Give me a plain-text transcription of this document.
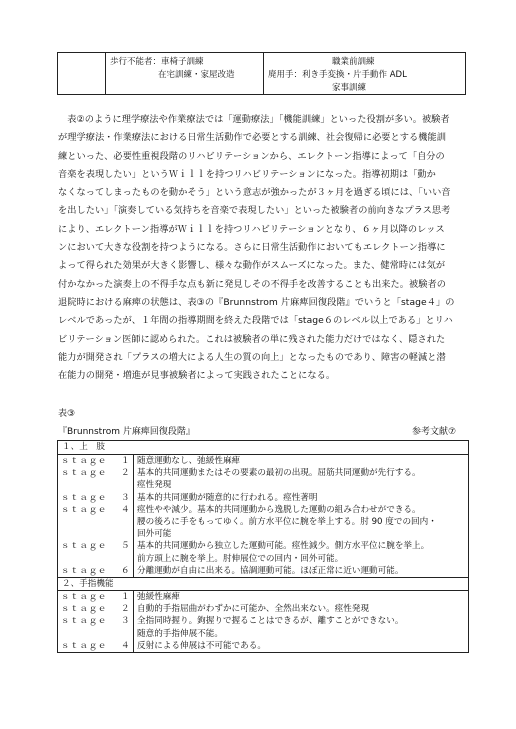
歩行不能者：車椅子訓練
在宅訓練・家屋改造
職業前訓練
廃用手：利き手変換・片手動作 ADL
家事訓練
　表②のように理学療法や作業療法では「運動療法」「機能訓練」といった役割が多い。被験者
が理学療法・作業療法における日常生活動作で必要とする訓練、社会復帰に必要とする機能訓
練といった、必要性重視段階のリハビリテーションから、エレクトーン指導によって「自分の
音楽を表現したい」というＷｉｌｌを持つリハビリテーションになった。指導初期は「動か
なくなってしまったものを動かそう」という意志が強かったが３ヶ月を過ぎる頃には、「いい音
を出したい」「演奏している気持ちを音楽で表現したい」といった被験者の前向きなプラス思考
により、エレクトーン指導がＷｉｌｌを持つリハビリテーションとなり、６ヶ月以降のレッス
ンにおいて大きな役割を持つようになる。さらに日常生活動作においてもエレクトーン指導に
よって得られた効果が大きく影響し、様々な動作がスムーズになった。また、健常時には気が
付かなかった演奏上の不得手な点も新に発見しその不得手を改善することも出来た。被験者の
退院時における麻痺の状態は、表③の『Brunnstrom 片麻痺回復段階』でいうと「stage４」の
レベルであったが、１年間の指導期間を終えた段階では「stage６のレベル以上である」とリハ
ビリテーション医師に認められた。これは被験者の単に残された能力だけではなく、隠された
能力が開発され「プラスの増大による人生の質の向上」となったものであり、障害の軽減と潜
在能力の開発・増進が見事被験者によって実践されたことになる。
表③
『Brunnstrom 片麻痺回復段階』	参考文献⑦
１、上　肢
ｓｔａｇｅ １ 随意運動なし、弛緩性麻痺
ｓｔａｇｅ ２ 基本的共同運動またはその要素の最初の出現。屈筋共同運動が先行する。
痙性発現
ｓｔａｇｅ ３ 基本的共同運動が随意的に行われる。痙性著明
ｓｔａｇｅ ４ 痙性やや減少。基本的共同運動から逸脱した運動の組み合わせができる。
腰の後ろに手をもってゆく。前方水平位に腕を挙上する。肘 90 度での回内・
回外可能
ｓｔａｇｅ ５ 基本的共同運動から独立した運動可能。痙性減少。側方水平位に腕を挙上。
前方頭上に腕を挙上。肘伸展位での回内・回外可能。
ｓｔａｇｅ ６ 分離運動が自由に出来る。協調運動可能。ほぼ正常に近い運動可能。
２、手指機能
ｓｔａｇｅ １ 弛緩性麻痺
ｓｔａｇｅ ２ 自動的手指屈曲がわずかに可能か、全然出来ない。痙性発現
ｓｔａｇｅ ３ 全指同時握り。鉤握りで握ることはできるが、離すことができない。
随意的手指伸展不能。
ｓｔａｇｅ ４ 反射による伸展は不可能である。
